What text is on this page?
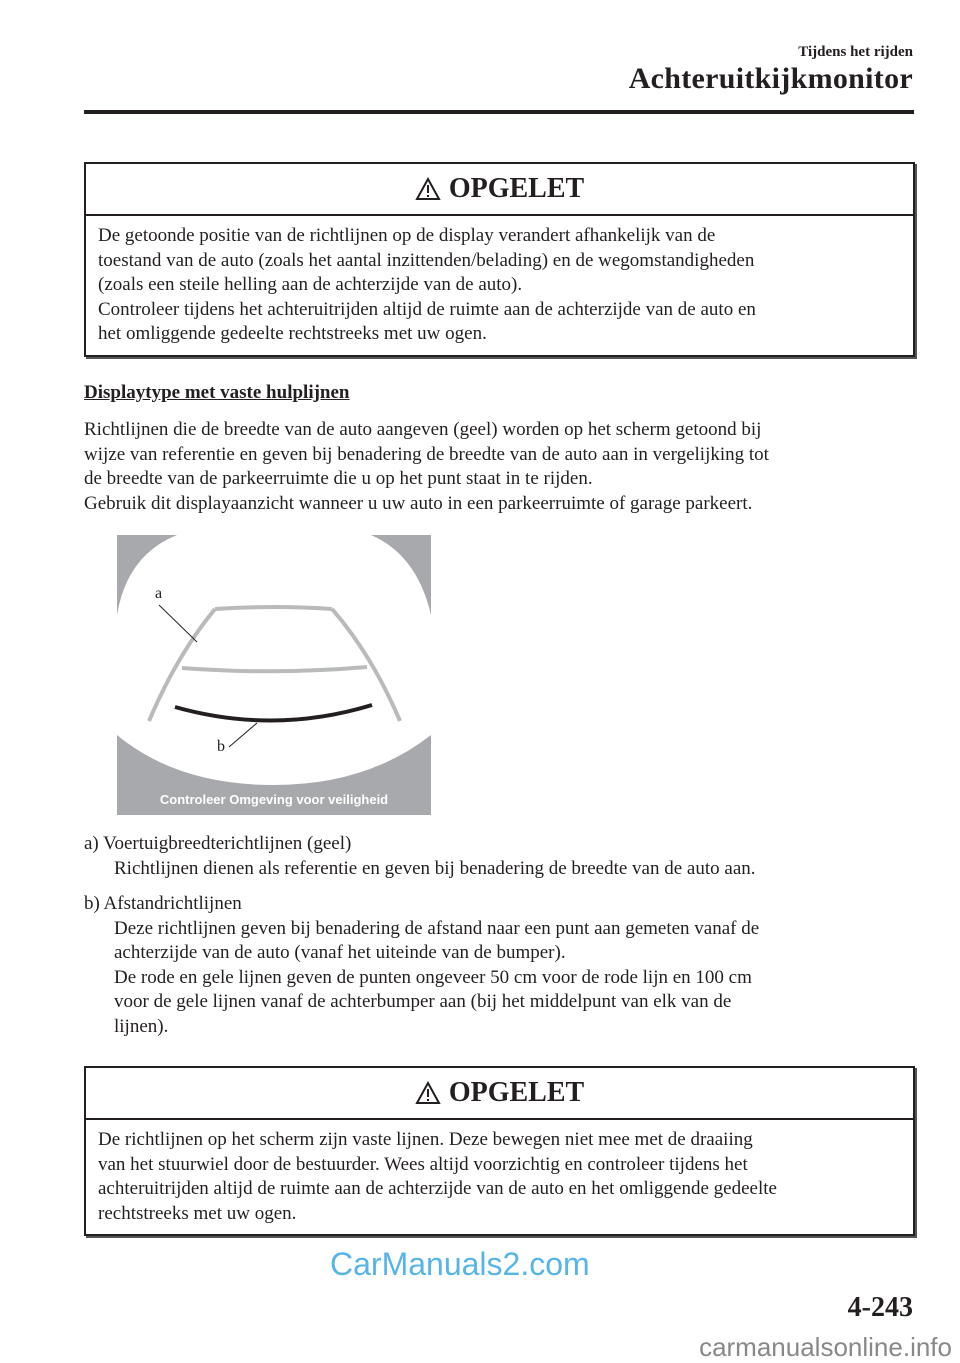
Tijdens het rijden
Achteruitkijkmonitor
OPGELET
De getoonde positie van de richtlijnen op de display verandert afhankelijk van de
toestand van de auto (zoals het aantal inzittenden/belading) en de wegomstandigheden
(zoals een steile helling aan de achterzijde van de auto).
Controleer tijdens het achteruitrijden altijd de ruimte aan de achterzijde van de auto en
het omliggende gedeelte rechtstreeks met uw ogen.
Displaytype met vaste hulplijnen
Richtlijnen die de breedte van de auto aangeven (geel) worden op het scherm getoond bij
wijze van referentie en geven bij benadering de breedte van de auto aan in vergelijking tot
de breedte van de parkeerruimte die u op het punt staat in te rijden.
Gebruik dit displayaanzicht wanneer u uw auto in een parkeerruimte of garage parkeert.
a
b
Controleer Omgeving voor veiligheid
a) Voertuigbreedterichtlijnen (geel)
Richtlijnen dienen als referentie en geven bij benadering de breedte van de auto aan.
b) Afstandrichtlijnen
Deze richtlijnen geven bij benadering de afstand naar een punt aan gemeten vanaf de
achterzijde van de auto (vanaf het uiteinde van de bumper).
De rode en gele lijnen geven de punten ongeveer 50 cm voor de rode lijn en 100 cm
voor de gele lijnen vanaf de achterbumper aan (bij het middelpunt van elk van de
lijnen).
OPGELET
De richtlijnen op het scherm zijn vaste lijnen. Deze bewegen niet mee met de draaiing
van het stuurwiel door de bestuurder. Wees altijd voorzichtig en controleer tijdens het
achteruitrijden altijd de ruimte aan de achterzijde van de auto en het omliggende gedeelte
rechtstreeks met uw ogen.
CarManuals2.com
4-243
carmanualsonline.info
